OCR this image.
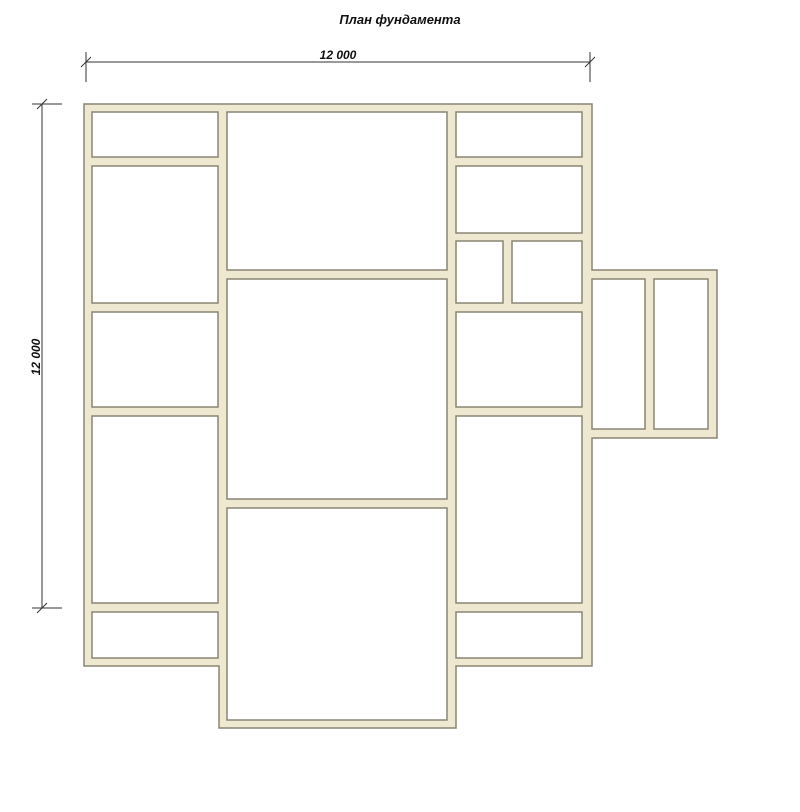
План фундамента
12 000
12 000
